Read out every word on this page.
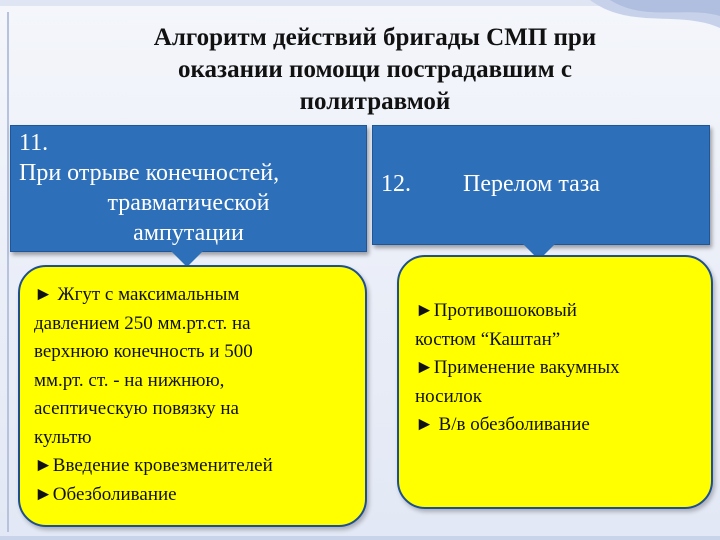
Алгоритм действий бригады СМП при
оказании помощи пострадавшим с
политравмой
11.
При отрыве конечностей,
травматической
ампутации
12. Перелом таза
► Жгут с максимальным
давлением 250 мм.рт.ст. на
верхнюю конечность и 500
мм.рт. ст. - на нижнюю,
асептическую повязку на
культю
►Введение кровезменителей
►Обезболивание
►Противошоковый
костюм “Каштан”
►Применение вакумных
носилок
► В/в обезболивание
